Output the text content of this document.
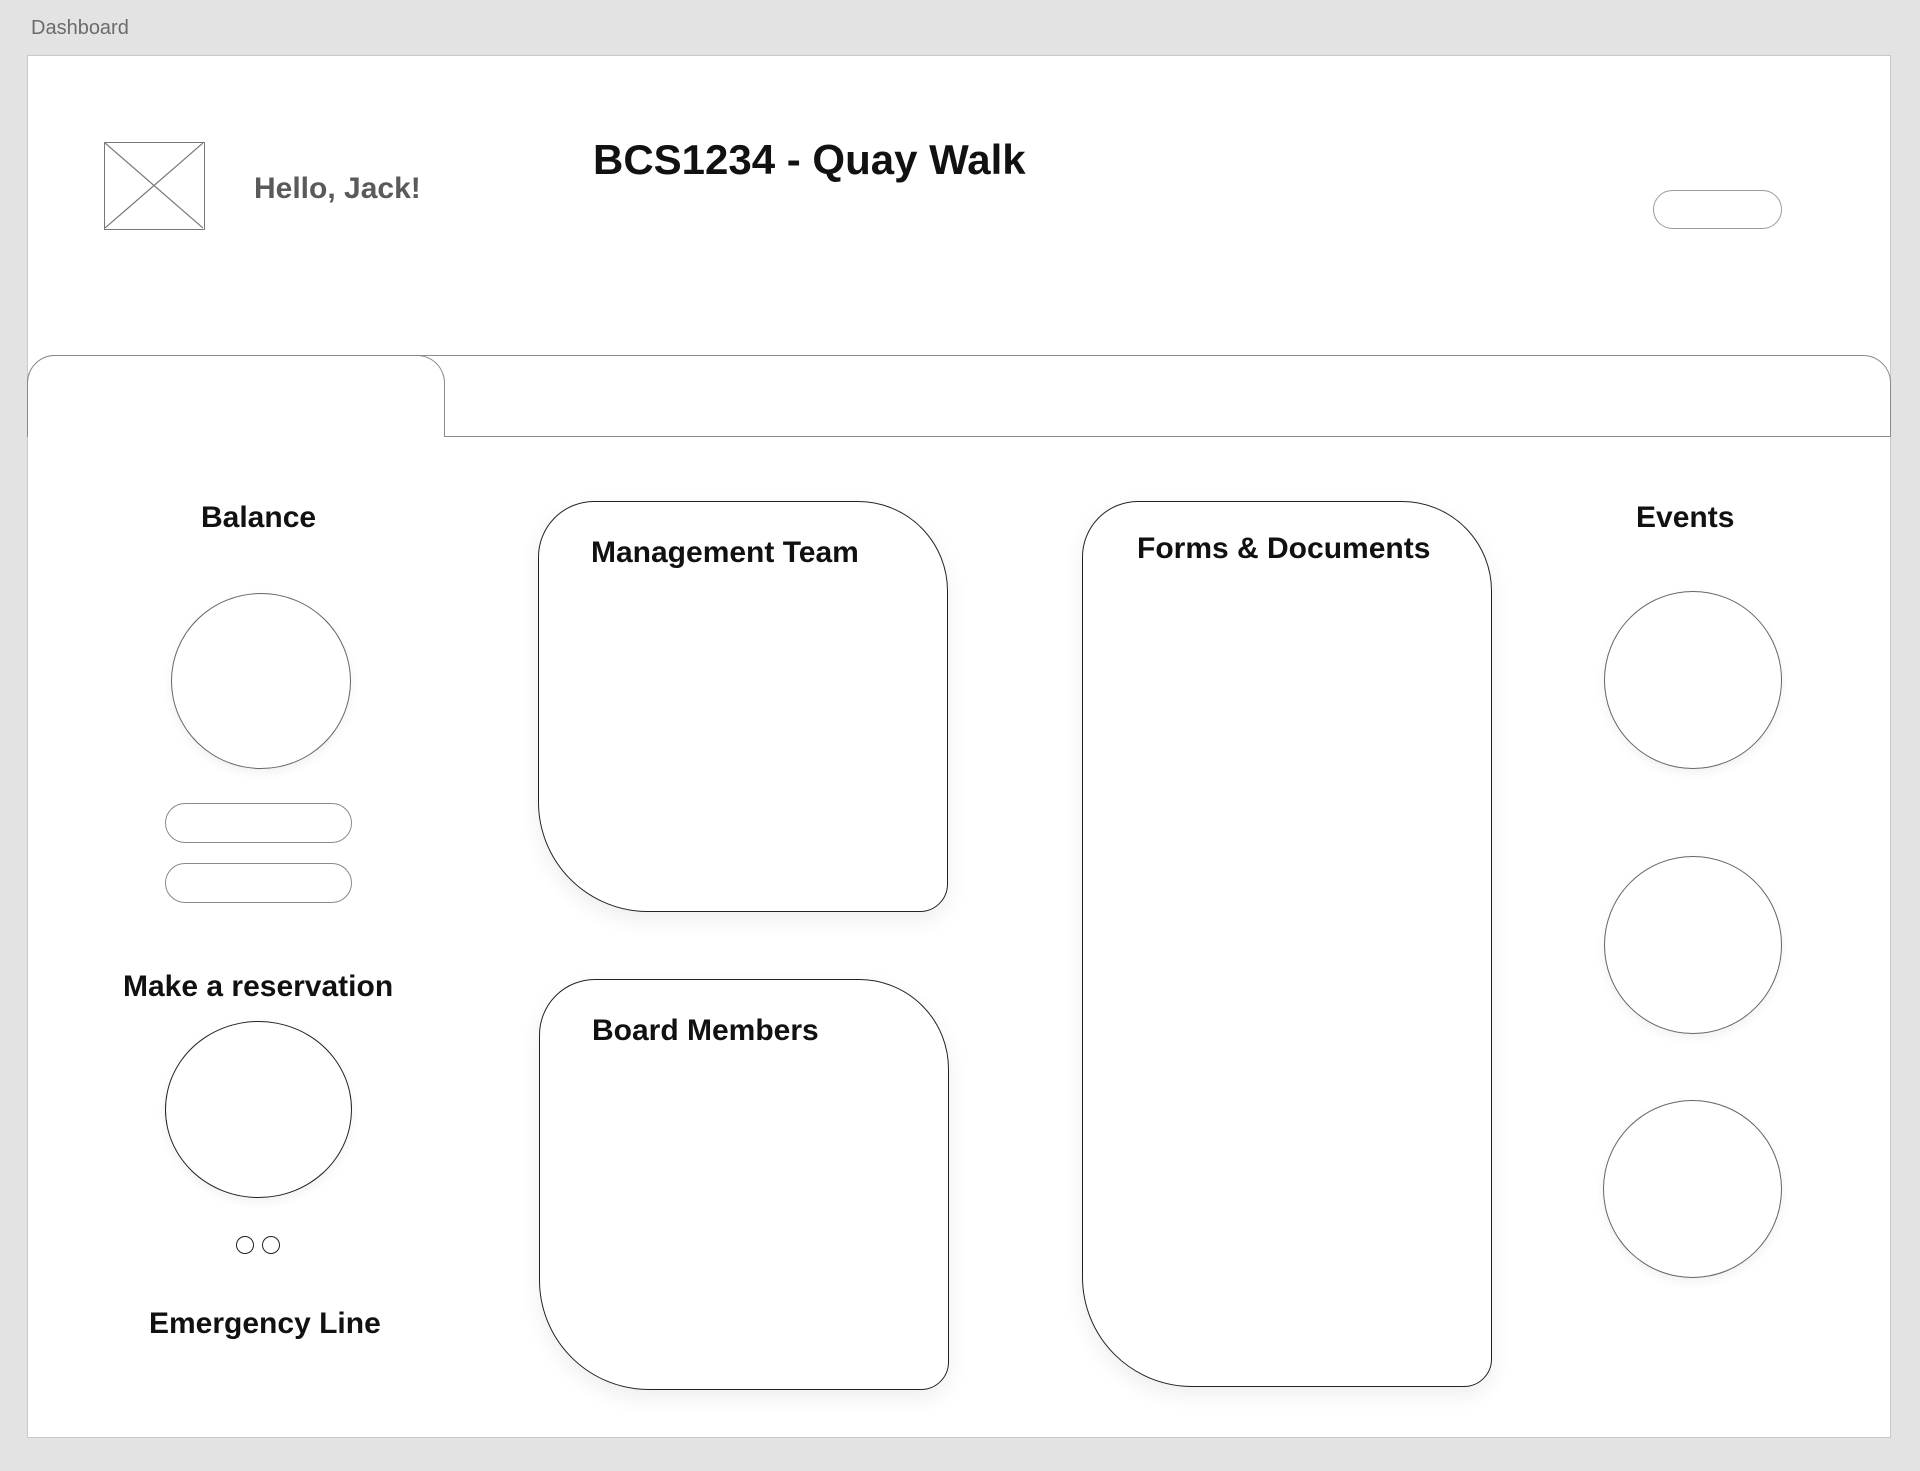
Dashboard
Hello, Jack!
BCS1234 - Quay Walk
Balance
Make a reservation
Emergency Line
Management Team
Board Members
Forms & Documents
Events
